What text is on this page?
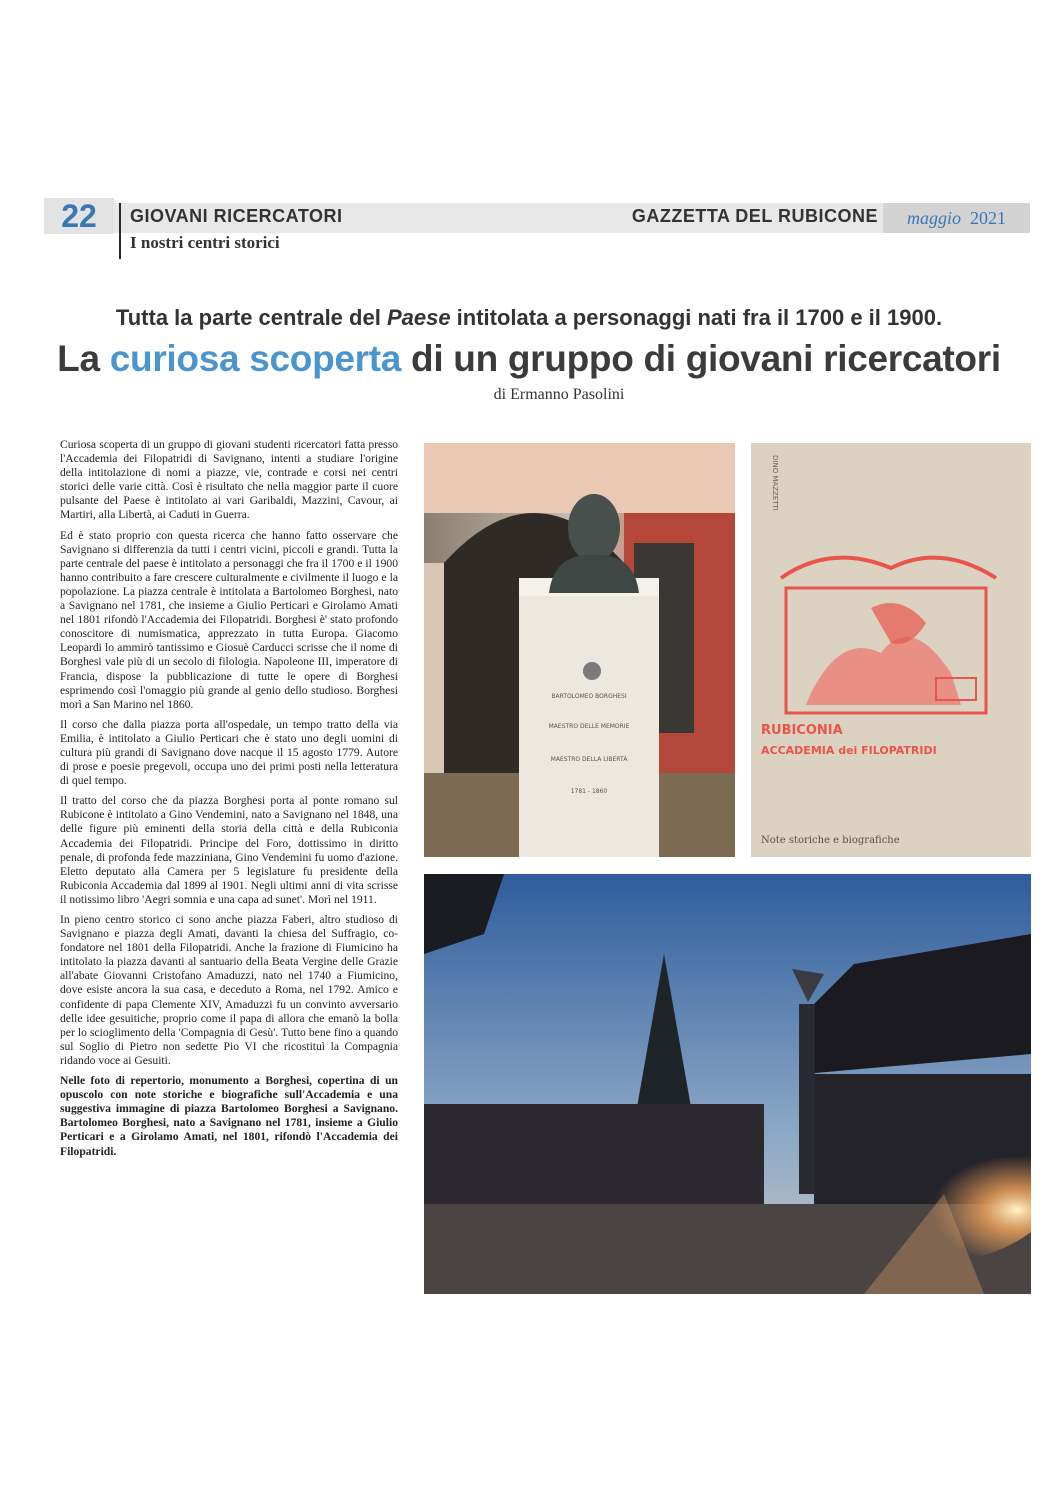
22	GIOVANI RICERCATORI
I nostri centri storici
GAZZETTA DEL RUBICONE	maggio 2021
Tutta la parte centrale del Paese intitolata a personaggi nati fra il 1700 e il 1900.
La curiosa scoperta di un gruppo di giovani ricercatori
di Ermanno Pasolini

Curiosa scoperta di un gruppo di giovani studenti ricercatori fatta presso l'Accademia dei Filopatridi di Savignano, intenti a studiare l'origine della intitolazione di nomi a piazze, vie, contrade e corsi nei centri storici delle varie città. Così è risultato che nella maggior parte il cuore pulsante del Paese è intitolato ai vari Garibaldi, Mazzini, Cavour, ai Martiri, alla Libertà, ai Caduti in Guerra.

Ed è stato proprio con questa ricerca che hanno fatto osservare che Savignano si differenzia da tutti i centri vicini, piccoli e grandi. Tutta la parte centrale del paese è intitolato a personaggi che fra il 1700 e il 1900 hanno contribuito a fare crescere culturalmente e civilmente il luogo e la popolazione. La piazza centrale è intitolata a Bartolomeo Borghesi, nato a Savignano nel 1781, che insieme a Giulio Perticari e Girolamo Amati nel 1801 rifondò l'Accademia dei Filopatridi. Borghesi è' stato profondo conoscitore di numismatica, apprezzato in tutta Europa. Giacomo Leopardi lo ammirò tantissimo e Giosuè Carducci scrisse che il nome di Borghesi vale più di un secolo di filologia. Napoleone III, imperatore di Francia, dispose la pubblicazione di tutte le opere di Borghesi esprimendo così l'omaggio più grande al genio dello studioso. Borghesi morì a San Marino nel 1860.

Il corso che dalla piazza porta all'ospedale, un tempo tratto della via Emilia, è intitolato a Giulio Perticari che è stato uno degli uomini di cultura più grandi di Savignano dove nacque il 15 agosto 1779. Autore di prose e poesie pregevoli, occupa uno dei primi posti nella letteratura di quel tempo.

Il tratto del corso che da piazza Borghesi porta al ponte romano sul Rubicone è intitolato a Gino Vendemini, nato a Savignano nel 1848, una delle figure più eminenti della storia della città e della Rubiconia Accademia dei Filopatridi. Principe del Foro, dottissimo in diritto penale, di profonda fede mazziniana, Gino Vendemini fu uomo d'azione. Eletto deputato alla Camera per 5 legislature fu presidente della Rubiconia Accademia dal 1899 al 1901. Negli ultimi anni di vita scrisse il notissimo libro 'Aegri somnia e una capa ad sunet'. Morì nel 1911.

In pieno centro storico ci sono anche piazza Faberi, altro studioso di Savignano e piazza degli Amati, davanti la chiesa del Suffragio, co-fondatore nel 1801 della Filopatridi. Anche la frazione di Fiumicino ha intitolato la piazza davanti al santuario della Beata Vergine delle Grazie all'abate Giovanni Cristofano Amaduzzi, nato nel 1740 a Fiumicino, dove esiste ancora la sua casa, e deceduto a Roma, nel 1792. Amico e confidente di papa Clemente XIV, Amaduzzi fu un convinto avversario delle idee gesuitiche, proprio come il papa di allora che emanò la bolla per lo scioglimento della 'Compagnia di Gesù'. Tutto bene fino a quando sul Soglio di Pietro non sedette Pio VI che ricostituì la Compagnia ridando voce ai Gesuiti.

Nelle foto di repertorio, monumento a Borghesi, copertina di un opuscolo con note storiche e biografiche sull'Accademia e una suggestiva immagine di piazza Bartolomeo Borghesi a Savignano. Bartolomeo Borghesi, nato a Savignano nel 1781, insieme a Giulio Perticari e a Girolamo Amati, nel 1801, rifondò l'Accademia dei Filopatridi.

BARTOLOMEO BORGHESI
MAESTRO DELLE MEMORIE
MAESTRO DELLA LIBERTÀ
1781 - 1860
DINO MAZZETTI
RUBICONIA
ACCADEMIA dei FILOPATRIDI
Note storiche e biografiche
